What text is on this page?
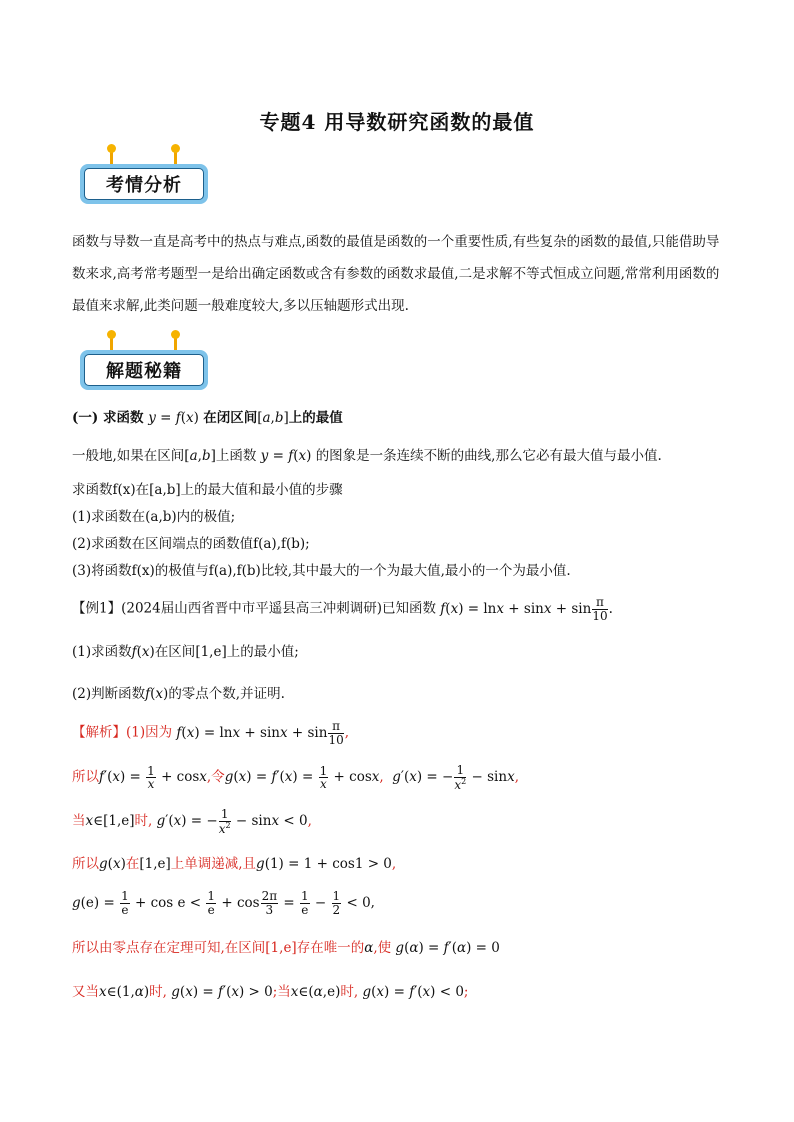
专题4 用导数研究函数的最值
考情分析
函数与导数一直是高考中的热点与难点,函数的最值是函数的一个重要性质,有些复杂的函数的最值,只能借助导数来求,高考常考题型一是给出确定函数或含有参数的函数求最值,二是求解不等式恒成立问题,常常利用函数的最值来求解,此类问题一般难度较大,多以压轴题形式出现.
解题秘籍
(一) 求函数 y = f(x) 在闭区间[a,b]上的最值
一般地,如果在区间[a,b]上函数 y = f(x) 的图象是一条连续不断的曲线,那么它必有最大值与最小值.
求函数f(x)在[a,b]上的最大值和最小值的步骤
(1)求函数在(a,b)内的极值;
(2)求函数在区间端点的函数值f(a),f(b);
(3)将函数f(x)的极值与f(a),f(b)比较,其中最大的一个为最大值,最小的一个为最小值.
【例1】(2024届山西省晋中市平遥县高三冲刺调研)已知函数 $f(x) = \ln x + \sin x + \sin \frac{\pi}{10}$ .
(1)求函数f(x)在区间[1,e]上的最小值;
(2)判断函数f(x)的零点个数,并证明.
【解析】(1)因为 $f(x) = \ln x + \sin x + \sin \frac{\pi}{10}$ ,
所以$f'(x) = \frac{1}{x} + \cos x$,令$g(x) = f'(x) = \frac{1}{x} + \cos x$,  g′(x) = − $\frac{1}{x^2} - \sin x$,
当x∈[1,e]时, g′(x) = − $\frac{1}{x^2} - \sin x < 0$,
所以g(x)在[1,e]上单调递减,且g(1) = 1 + cos1 > 0,
$g(e) = \frac{1}{e} + \cos e < \frac{1}{e} + \cos \frac{2\pi}{3} = \frac{1}{e} - \frac{1}{2} < 0$,
所以由零点存在定理可知,在区间[1,e]存在唯一的α,使 g(α) = f′(α) = 0
又当x∈(1,α)时, g(x) = f′(x) > 0;当x∈(α,e)时, g(x) = f′(x) < 0;
